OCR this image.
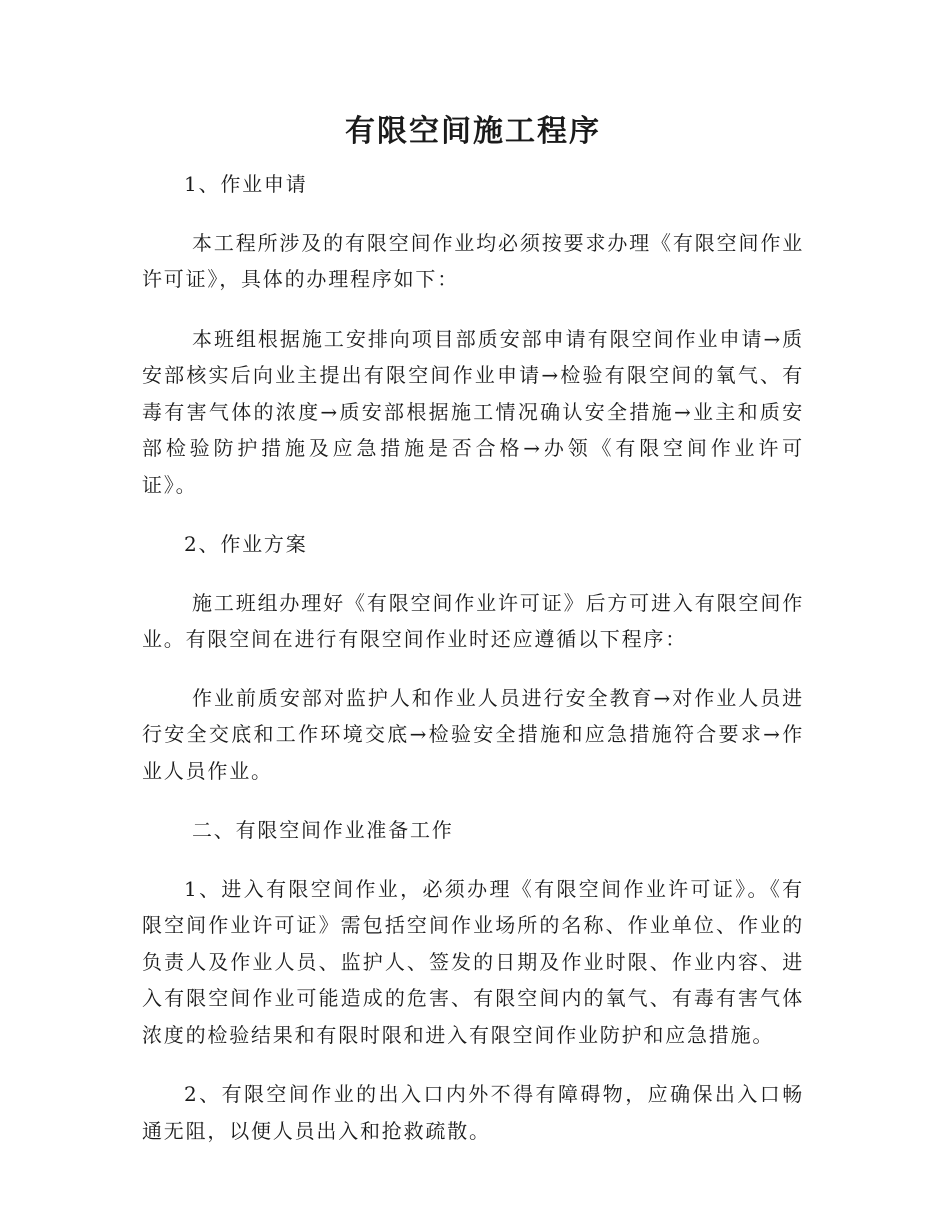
有限空间施工程序

1、作业申请

本工程所涉及的有限空间作业均必须按要求办理《有限空间作业许可证》，具体的办理程序如下：

本班组根据施工安排向项目部质安部申请有限空间作业申请→质安部核实后向业主提出有限空间作业申请→检验有限空间的氧气、有毒有害气体的浓度→质安部根据施工情况确认安全措施→业主和质安部检验防护措施及应急措施是否合格→办领《有限空间作业许可证》。

2、作业方案

施工班组办理好《有限空间作业许可证》后方可进入有限空间作业。有限空间在进行有限空间作业时还应遵循以下程序：

作业前质安部对监护人和作业人员进行安全教育→对作业人员进行安全交底和工作环境交底→检验安全措施和应急措施符合要求→作业人员作业。

二、有限空间作业准备工作

1、进入有限空间作业，必须办理《有限空间作业许可证》。《有限空间作业许可证》需包括空间作业场所的名称、作业单位、作业的负责人及作业人员、监护人、签发的日期及作业时限、作业内容、进入有限空间作业可能造成的危害、有限空间内的氧气、有毒有害气体浓度的检验结果和有限时限和进入有限空间作业防护和应急措施。

2、有限空间作业的出入口内外不得有障碍物，应确保出入口畅通无阻，以便人员出入和抢救疏散。
